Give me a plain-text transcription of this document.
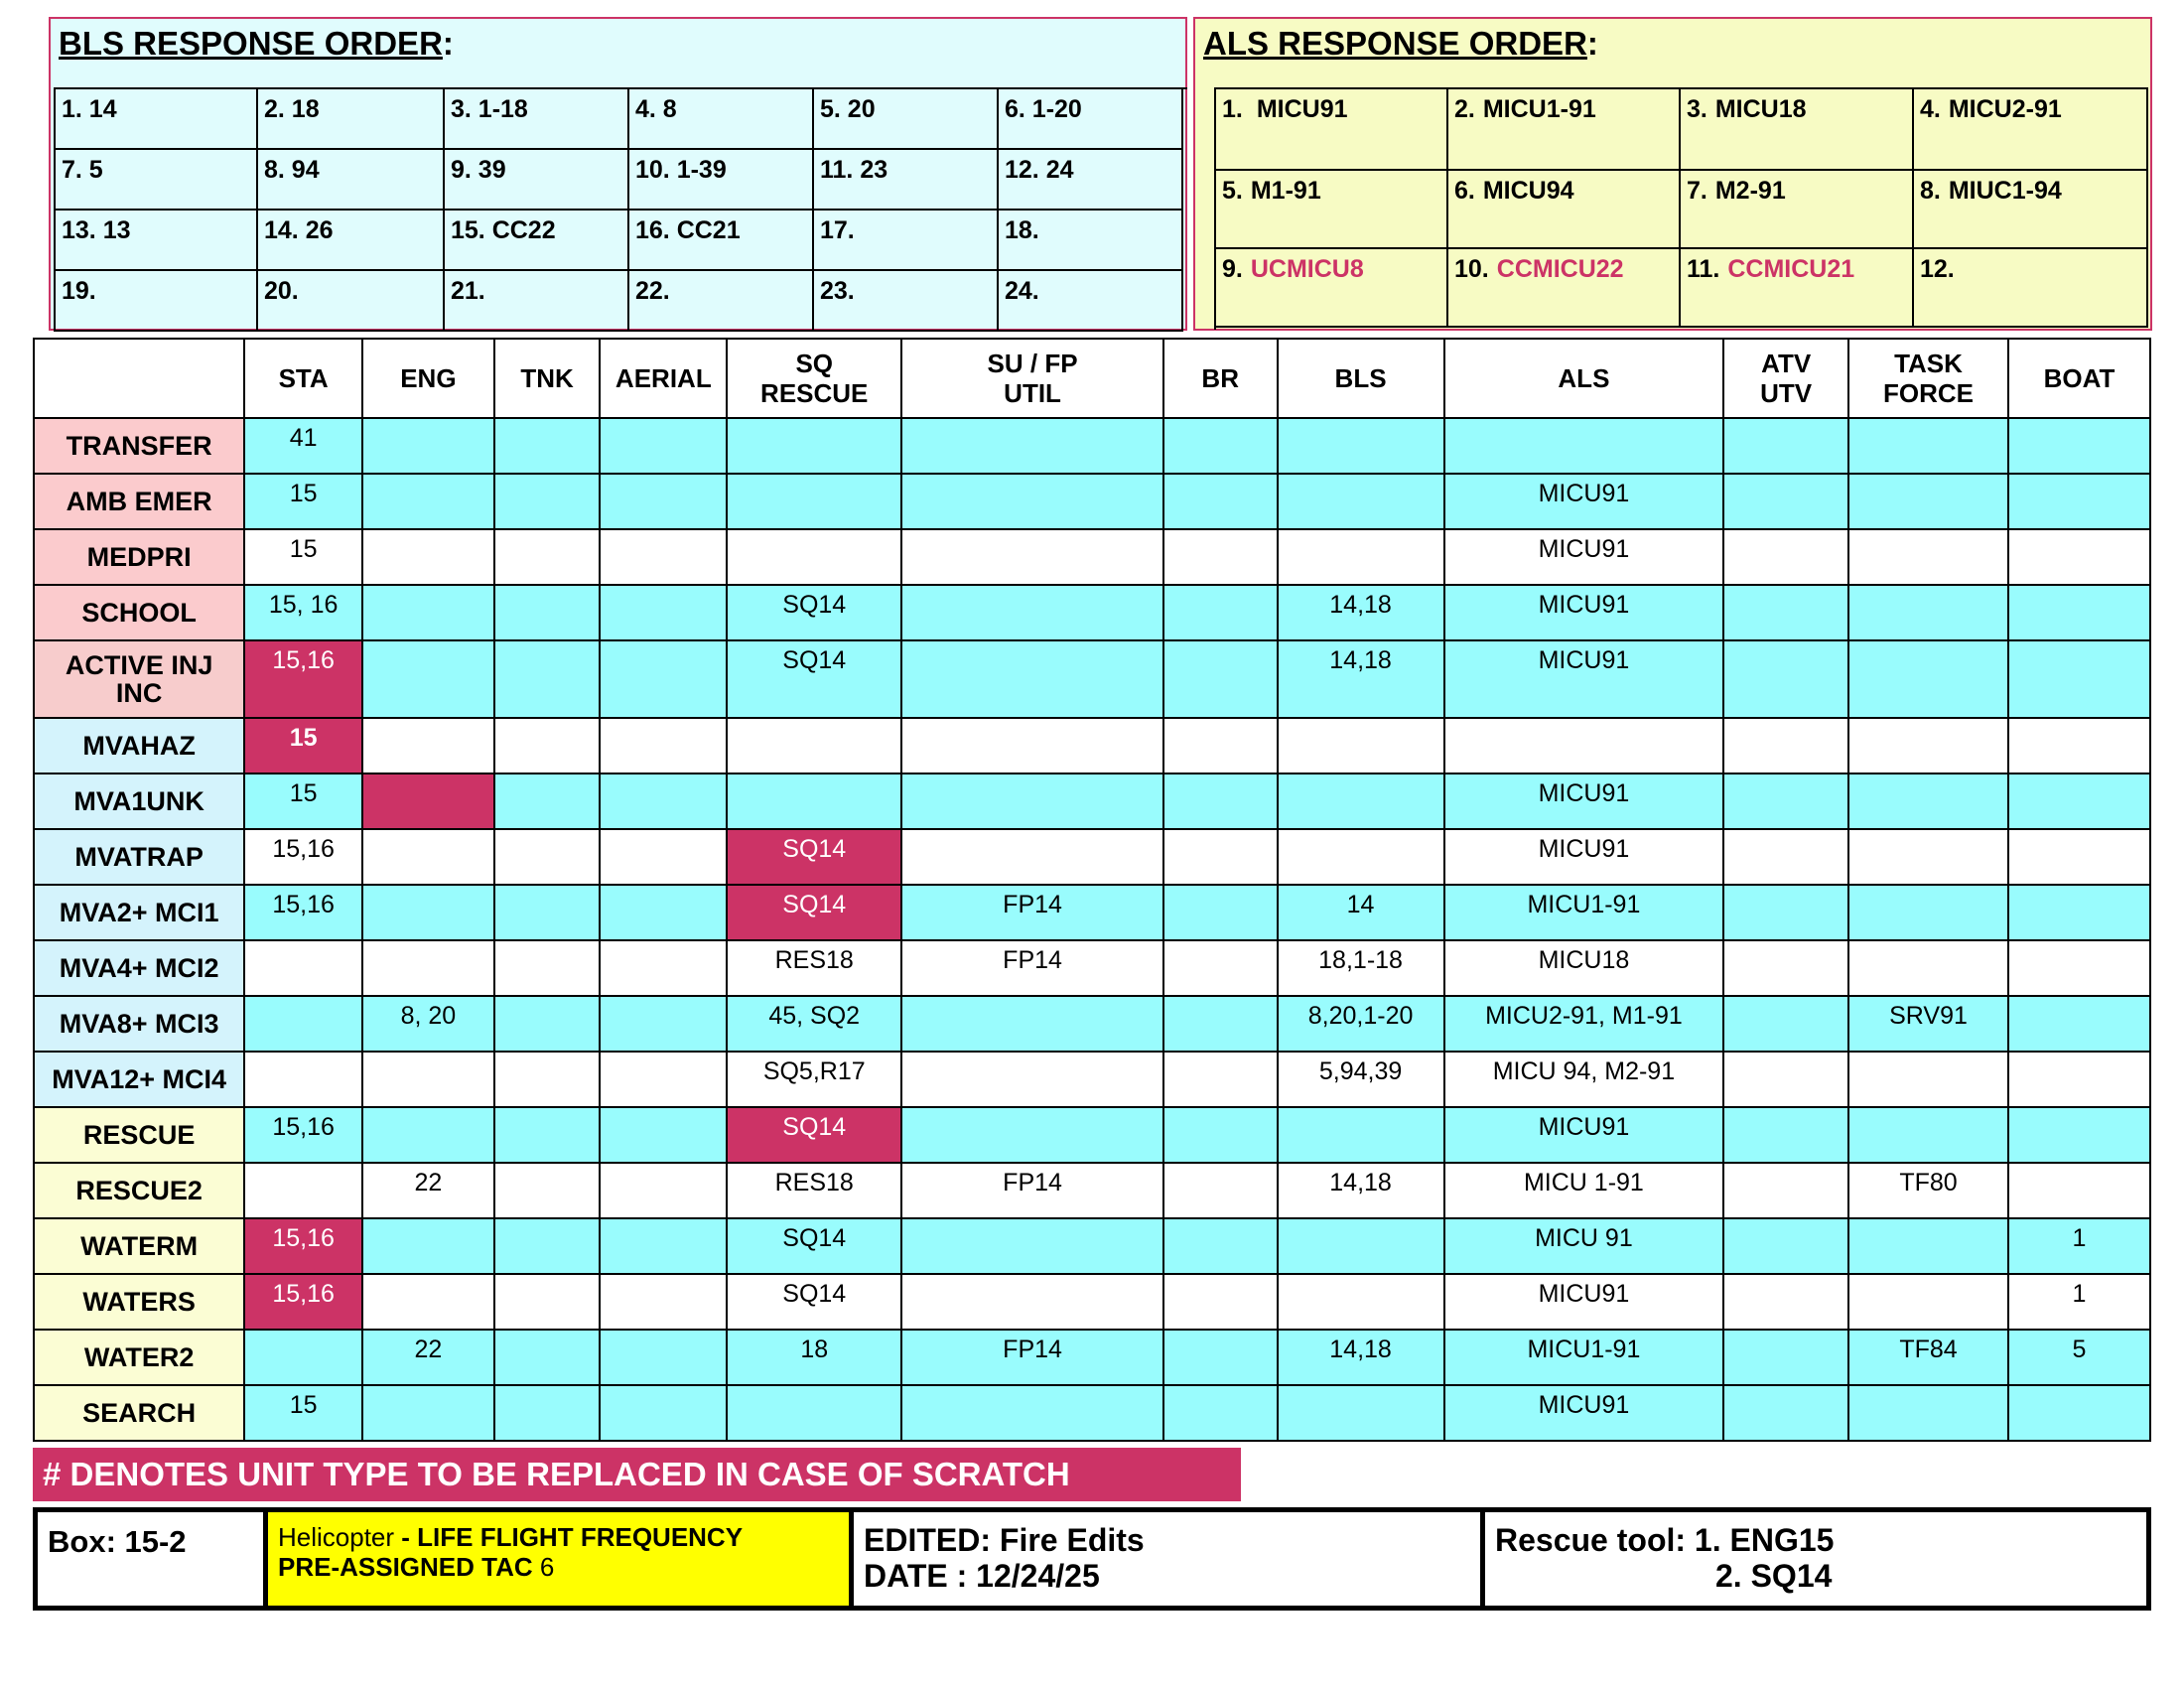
BLS RESPONSE ORDER:
1. 14	2. 18	3. 1-18	4. 8	5. 20	6. 1-20
7. 5	8. 94	9. 39	10. 1-39	11. 23	12. 24
13. 13	14. 26	15. CC22	16. CC21	17.	18.
19.	20.	21.	22.	23.	24.
ALS RESPONSE ORDER:
1. MICU91	2. MICU1-91	3. MICU18	4. MICU2-91
5. M1-91	6. MICU94	7. M2-91	8. MIUC1-94
9. UCMICU8	10. CCMICU22	11. CCMICU21	12.
	STA	ENG	TNK	AERIAL	SQ
RESCUE	SU / FP
UTIL	BR	BLS	ALS	ATV
UTV	TASK
FORCE	BOAT
TRANSFER	41											
AMB EMER	15								MICU91			
MEDPRI	15								MICU91			
SCHOOL	15, 16				SQ14			14,18	MICU91			
ACTIVE INJ
INC	15,16				SQ14			14,18	MICU91			
MVAHAZ	15											
MVA1UNK	15								MICU91			
MVATRAP	15,16				SQ14				MICU91			
MVA2+ MCI1	15,16				SQ14	FP14		14	MICU1-91			
MVA4+ MCI2					RES18	FP14		18,1-18	MICU18			
MVA8+ MCI3		8, 20			45, SQ2			8,20,1-20	MICU2-91, M1-91		SRV91	
MVA12+ MCI4					SQ5,R17			5,94,39	MICU 94, M2-91			
RESCUE	15,16				SQ14				MICU91			
RESCUE2		22			RES18	FP14		14,18	MICU 1-91		TF80	
WATERM	15,16				SQ14				MICU 91			1
WATERS	15,16				SQ14				MICU91			1
WATER2		22			18	FP14		14,18	MICU1-91		TF84	5
SEARCH	15								MICU91			
# DENOTES UNIT TYPE TO BE REPLACED IN CASE OF SCRATCH
Box: 15-2	Helicopter - LIFE FLIGHT FREQUENCY
PRE-ASSIGNED TAC 6
EDITED: Fire Edits
DATE : 12/24/25
Rescue tool: 1. ENG15
2. SQ14
